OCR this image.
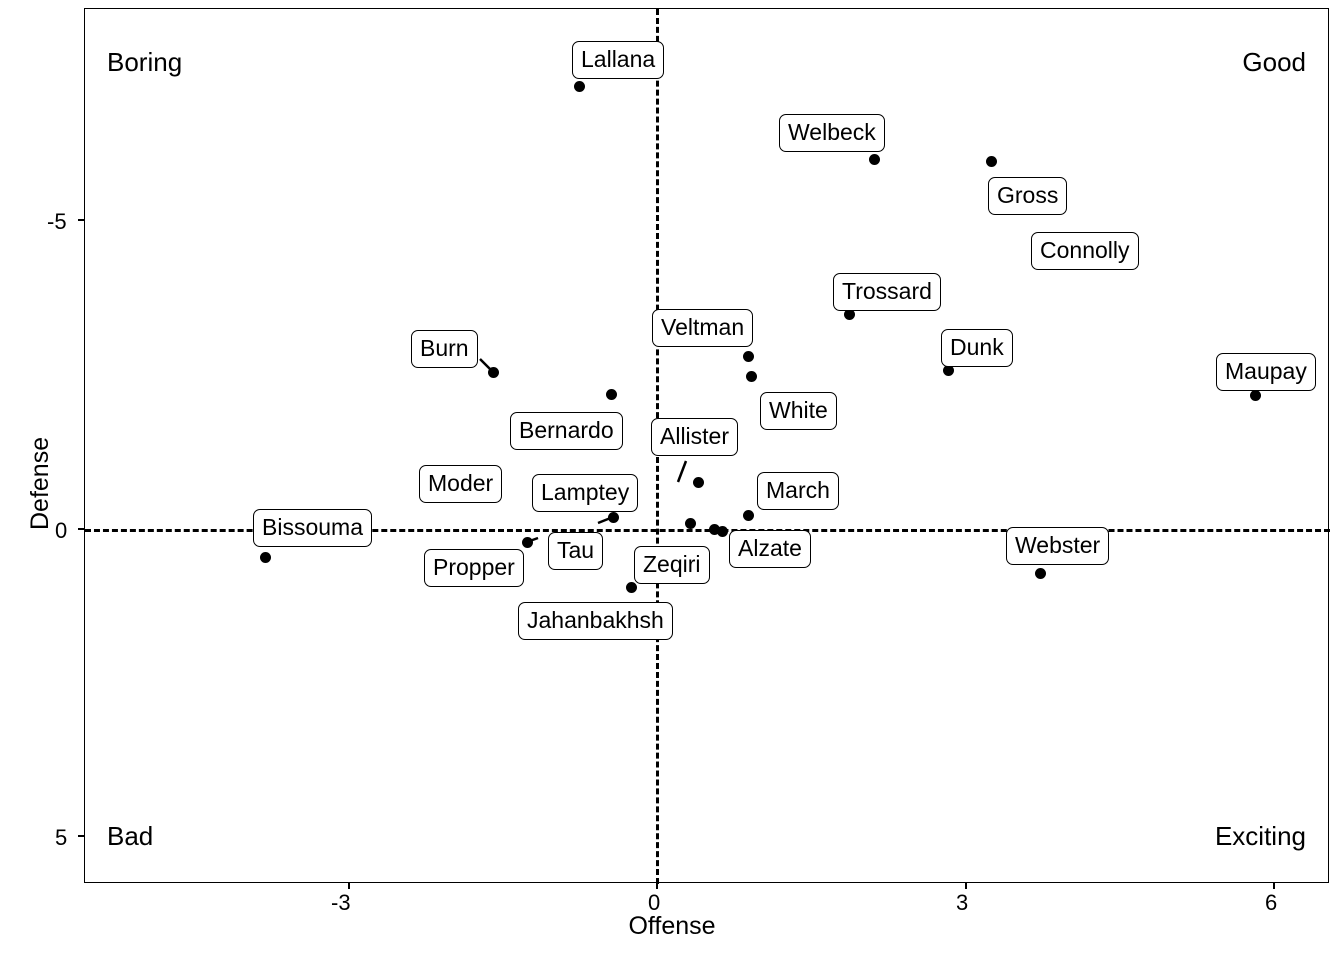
Defense
Offense
-5
0
5
-3	0	3	6
Boring	Good
Bad	Exciting
Lallana
Welbeck
Gross
Connolly
Trossard
Dunk
Maupay
Veltman
White
Burn
Bernardo	Allister
March
Moder	Lamptey
Alzate
Tau
Propper
Bissouma
Webster
Zeqiri
Jahanbakhsh
